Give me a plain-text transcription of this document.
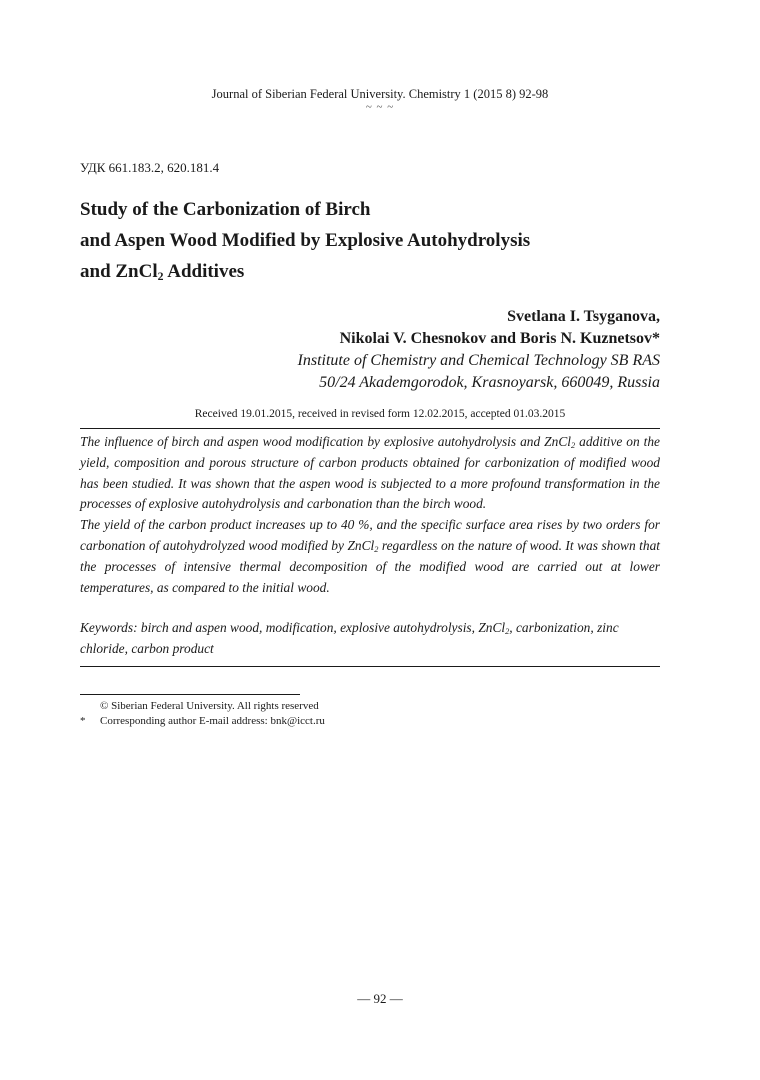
Journal of Siberian Federal University. Chemistry 1 (2015 8) 92-98
~ ~ ~
УДК 661.183.2, 620.181.4
Study of the Carbonization of Birch
and Aspen Wood Modified by Explosive Autohydrolysis
and ZnCl$_2$ Additives
Svetlana I. Tsyganova,
Nikolai V. Chesnokov and Boris N. Kuznetsov*
Institute of Chemistry and Chemical Technology SB RAS
50/24 Akademgorodok, Krasnoyarsk, 660049, Russia
Received 19.01.2015, received in revised form 12.02.2015, accepted 01.03.2015

The influence of birch and aspen wood modification by explosive autohydrolysis and ZnCl$_2$ additive on the yield, composition and porous structure of carbon products obtained for carbonization of modified wood has been studied. It was shown that the aspen wood is subjected to a more profound transformation in the processes of explosive autohydrolysis and carbonation than the birch wood.

The yield of the carbon product increases up to 40 %, and the specific surface area rises by two orders for carbonation of autohydrolyzed wood modified by ZnCl$_2$ regardless on the nature of wood. It was shown that the processes of intensive thermal decomposition of the modified wood are carried out at lower temperatures, as compared to the initial wood.

Keywords: birch and aspen wood, modification, explosive autohydrolysis, ZnCl$_2$, carbonization, zinc chloride, carbon product

© Siberian Federal University. All rights reserved
* Corresponding author E-mail address: bnk@icct.ru
— 92 —
